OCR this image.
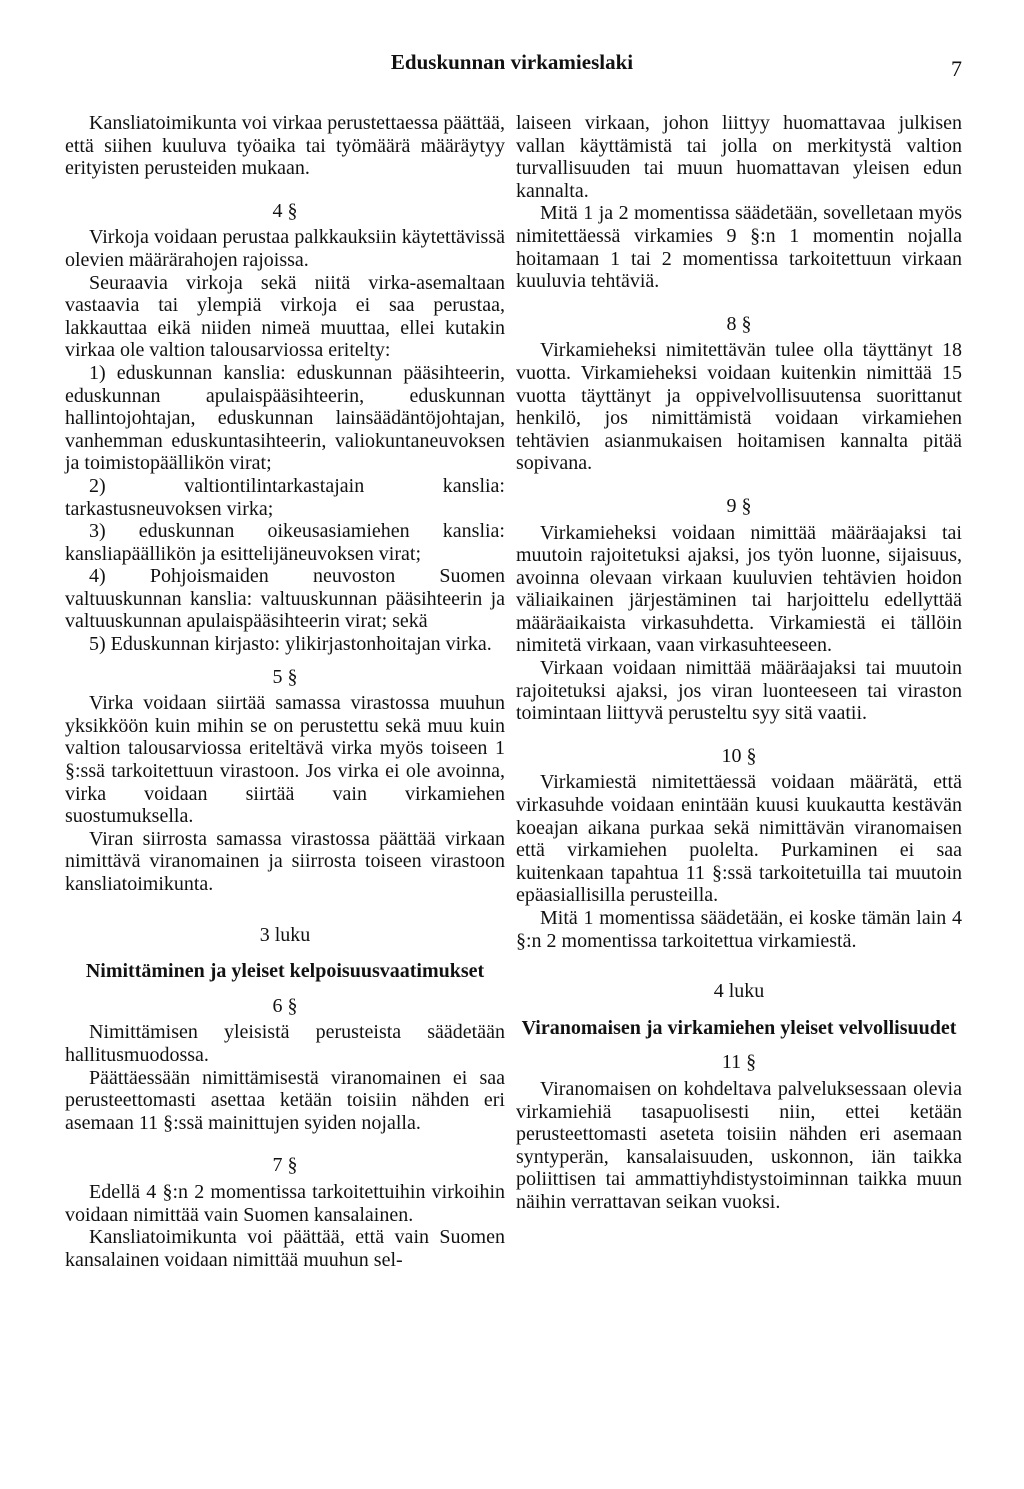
Eduskunnan virkamieslaki	7

Kansliatoimikunta voi virkaa perustettaessa päättää, että siihen kuuluva työaika tai työmäärä määräytyy erityisten perusteiden mukaan.

4 §

Virkoja voidaan perustaa palkkauksiin käytettävissä olevien määrärahojen rajoissa.

Seuraavia virkoja sekä niitä virka-asemaltaan vastaavia tai ylempiä virkoja ei saa perustaa, lakkauttaa eikä niiden nimeä muuttaa, ellei kutakin virkaa ole valtion talousarviossa eritelty:

1) eduskunnan kanslia: eduskunnan pääsihteerin, eduskunnan apulaispääsihteerin, eduskunnan hallintojohtajan, eduskunnan lainsäädäntöjohtajan, vanhemman eduskuntasihteerin, valiokuntaneuvoksen ja toimistopäällikön virat;

2) valtiontilintarkastajain kanslia: tarkastusneuvoksen virka;

3) eduskunnan oikeusasiamiehen kanslia: kansliapäällikön ja esittelijäneuvoksen virat;

4) Pohjoismaiden neuvoston Suomen valtuuskunnan kanslia: valtuuskunnan pääsihteerin ja valtuuskunnan apulaispääsihteerin virat; sekä

5) Eduskunnan kirjasto: ylikirjastonhoitajan virka.

5 §

Virka voidaan siirtää samassa virastossa muuhun yksikköön kuin mihin se on perustettu sekä muu kuin valtion talousarviossa eriteltävä virka myös toiseen 1 §:ssä tarkoitettuun virastoon. Jos virka ei ole avoinna, virka voidaan siirtää vain virkamiehen suostumuksella.

Viran siirrosta samassa virastossa päättää virkaan nimittävä viranomainen ja siirrosta toiseen virastoon kansliatoimikunta.

3 luku

Nimittäminen ja yleiset kelpoisuusvaatimukset

6 §

Nimittämisen yleisistä perusteista säädetään hallitusmuodossa.

Päättäessään nimittämisestä viranomainen ei saa perusteettomasti asettaa ketään toisiin nähden eri asemaan 11 §:ssä mainittujen syiden nojalla.

7 §

Edellä 4 §:n 2 momentissa tarkoitettuihin virkoihin voidaan nimittää vain Suomen kansalainen.

Kansliatoimikunta voi päättää, että vain Suomen kansalainen voidaan nimittää muuhun sel-

laiseen virkaan, johon liittyy huomattavaa julkisen vallan käyttämistä tai jolla on merkitystä valtion turvallisuuden tai muun huomattavan yleisen edun kannalta.

Mitä 1 ja 2 momentissa säädetään, sovelletaan myös nimitettäessä virkamies 9 §:n 1 momentin nojalla hoitamaan 1 tai 2 momentissa tarkoitettuun virkaan kuuluvia tehtäviä.

8 §

Virkamieheksi nimitettävän tulee olla täyttänyt 18 vuotta. Virkamieheksi voidaan kuitenkin nimittää 15 vuotta täyttänyt ja oppivelvollisuutensa suorittanut henkilö, jos nimittämistä voidaan virkamiehen tehtävien asianmukaisen hoitamisen kannalta pitää sopivana.

9 §

Virkamieheksi voidaan nimittää määräajaksi tai muutoin rajoitetuksi ajaksi, jos työn luonne, sijaisuus, avoinna olevaan virkaan kuuluvien tehtävien hoidon väliaikainen järjestäminen tai harjoittelu edellyttää määräaikaista virkasuhdetta. Virkamiestä ei tällöin nimitetä virkaan, vaan virkasuhteeseen.

Virkaan voidaan nimittää määräajaksi tai muutoin rajoitetuksi ajaksi, jos viran luonteeseen tai viraston toimintaan liittyvä perusteltu syy sitä vaatii.

10 §

Virkamiestä nimitettäessä voidaan määrätä, että virkasuhde voidaan enintään kuusi kuukautta kestävän koeajan aikana purkaa sekä nimittävän viranomaisen että virkamiehen puolelta. Purkaminen ei saa kuitenkaan tapahtua 11 §:ssä tarkoitetuilla tai muutoin epäasiallisilla perusteilla.

Mitä 1 momentissa säädetään, ei koske tämän lain 4 §:n 2 momentissa tarkoitettua virkamiestä.

4 luku

Viranomaisen ja virkamiehen yleiset velvollisuudet

11 §

Viranomaisen on kohdeltava palveluksessaan olevia virkamiehiä tasapuolisesti niin, ettei ketään perusteettomasti aseteta toisiin nähden eri asemaan syntyperän, kansalaisuuden, uskonnon, iän taikka poliittisen tai ammattiyhdistystoiminnan taikka muun näihin verrattavan seikan vuoksi.
